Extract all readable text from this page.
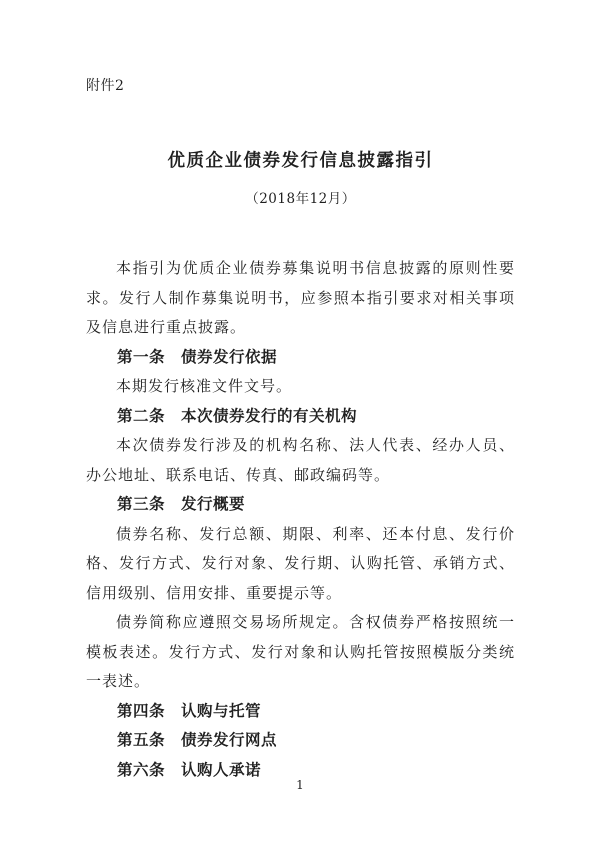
附件2
优质企业债券发行信息披露指引
（2018年12月）
本指引为优质企业债券募集说明书信息披露的原则性要求。发行人制作募集说明书，应参照本指引要求对相关事项及信息进行重点披露。
第一条　债券发行依据
本期发行核准文件文号。
第二条　本次债券发行的有关机构
本次债券发行涉及的机构名称、法人代表、经办人员、办公地址、联系电话、传真、邮政编码等。
第三条　发行概要
债券名称、发行总额、期限、利率、还本付息、发行价格、发行方式、发行对象、发行期、认购托管、承销方式、信用级别、信用安排、重要提示等。
债券简称应遵照交易场所规定。含权债券严格按照统一模板表述。发行方式、发行对象和认购托管按照模版分类统一表述。
第四条　认购与托管
第五条　债券发行网点
第六条　认购人承诺
1
